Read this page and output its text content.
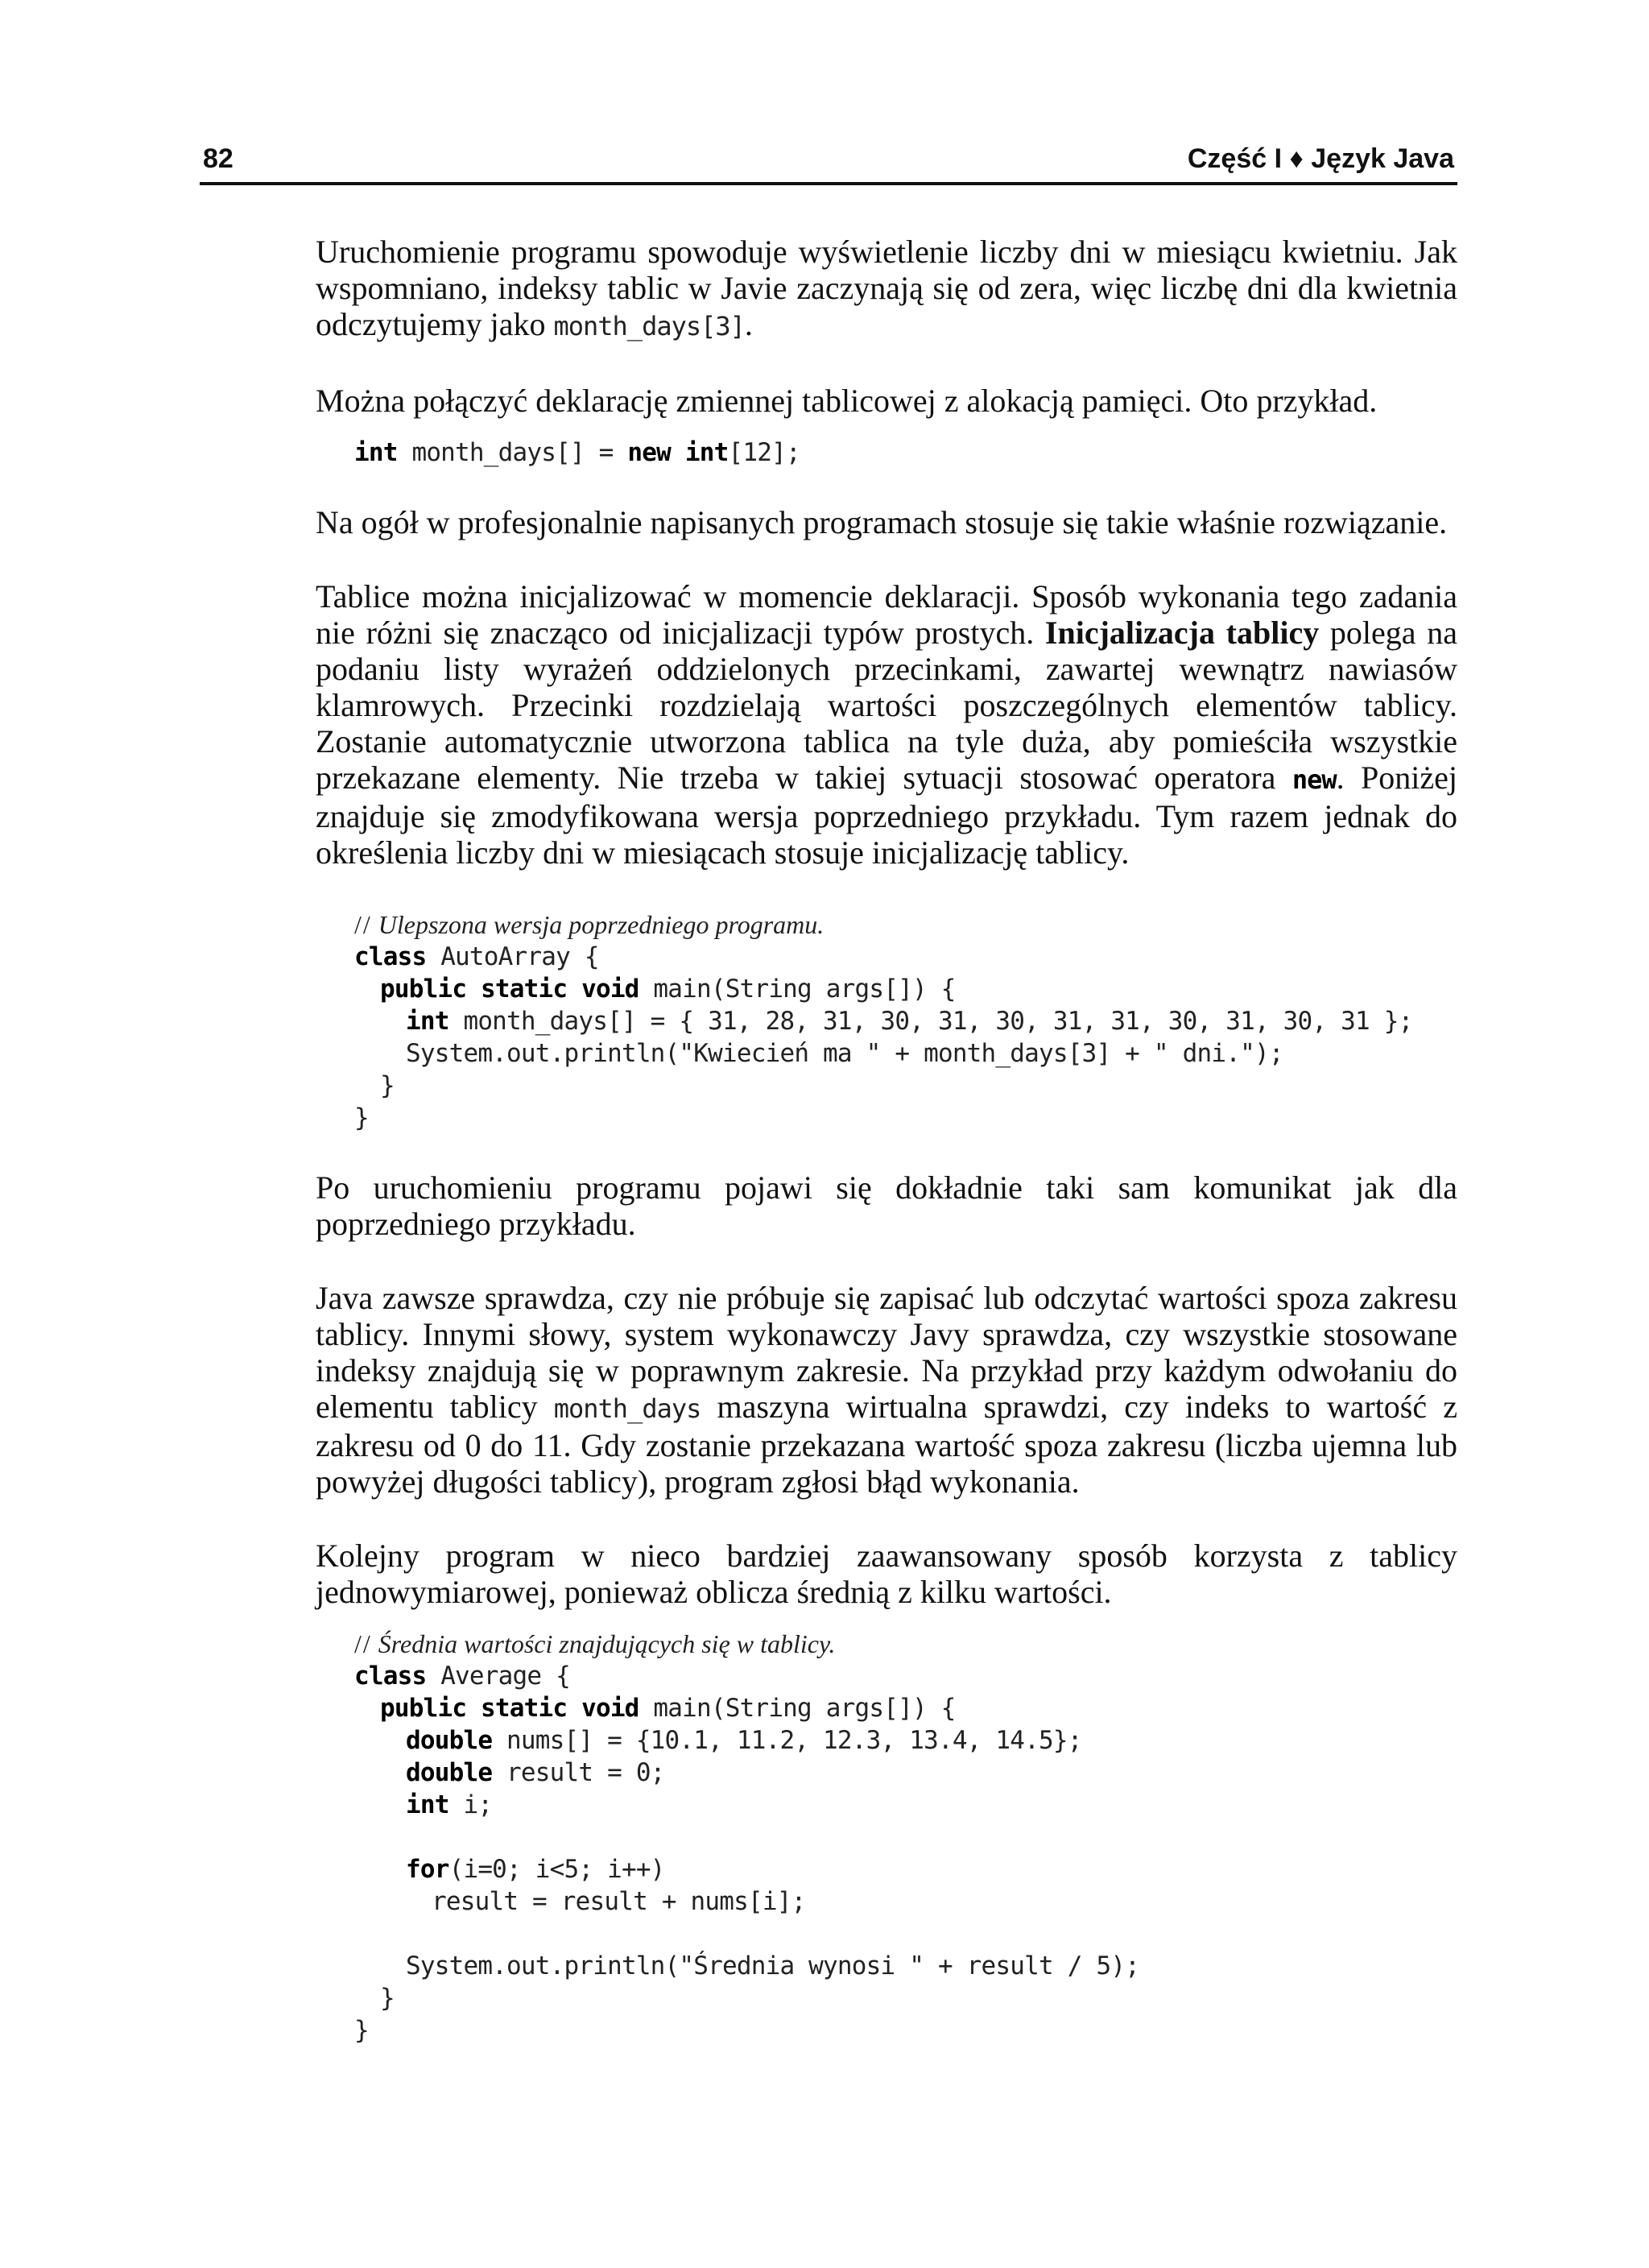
82	Część I ♦ Język Java

Uruchomienie programu spowoduje wyświetlenie liczby dni w miesiącu kwietniu. Jak wspomniano, indeksy tablic w Javie zaczynają się od zera, więc liczbę dni dla kwietnia odczytujemy jako month_days[3].

Można połączyć deklarację zmiennej tablicowej z alokacją pamięci. Oto przykład.

int month_days[] = new int[12];

Na ogół w profesjonalnie napisanych programach stosuje się takie właśnie rozwiązanie.

Tablice można inicjalizować w momencie deklaracji. Sposób wykonania tego zadania nie różni się znacząco od inicjalizacji typów prostych. Inicjalizacja tablicy polega na podaniu listy wyrażeń oddzielonych przecinkami, zawartej wewnątrz nawiasów klamrowych. Przecinki rozdzielają wartości poszczególnych elementów tablicy. Zostanie automatycznie utworzona tablica na tyle duża, aby pomieściła wszystkie przekazane elementy. Nie trzeba w takiej sytuacji stosować operatora new. Poniżej znajduje się zmodyfikowana wersja poprzedniego przykładu. Tym razem jednak do określenia liczby dni w miesiącach stosuje inicjalizację tablicy.

// Ulepszona wersja poprzedniego programu.
class AutoArray {
public static void main(String args[]) {
int month_days[] = { 31, 28, 31, 30, 31, 30, 31, 31, 30, 31, 30, 31 };
System.out.println("Kwiecień ma " + month_days[3] + " dni.");
}
}

Po uruchomieniu programu pojawi się dokładnie taki sam komunikat jak dla poprzedniego przykładu.

Java zawsze sprawdza, czy nie próbuje się zapisać lub odczytać wartości spoza zakresu tablicy. Innymi słowy, system wykonawczy Javy sprawdza, czy wszystkie stosowane indeksy znajdują się w poprawnym zakresie. Na przykład przy każdym odwołaniu do elementu tablicy month_days maszyna wirtualna sprawdzi, czy indeks to wartość z zakresu od 0 do 11. Gdy zostanie przekazana wartość spoza zakresu (liczba ujemna lub powyżej długości tablicy), program zgłosi błąd wykonania.

Kolejny program w nieco bardziej zaawansowany sposób korzysta z tablicy jednowymiarowej, ponieważ oblicza średnią z kilku wartości.

// Średnia wartości znajdujących się w tablicy.
class Average {
public static void main(String args[]) {
double nums[] = {10.1, 11.2, 12.3, 13.4, 14.5};
double result = 0;
int i;
for(i=0; i<5; i++)
result = result + nums[i];
System.out.println("Średnia wynosi " + result / 5);
}
}
